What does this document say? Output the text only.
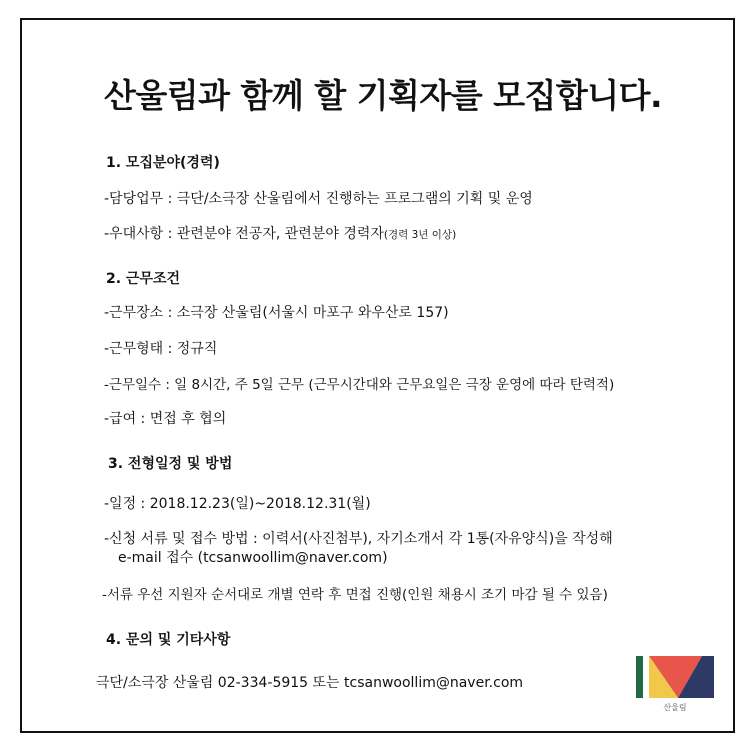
산울림과 함께 할 기획자를 모집합니다.
1. 모집분야(경력)
-담당업무 : 극단/소극장 산울림에서 진행하는 프로그램의 기획 및 운영
-우대사항 : 관련분야 전공자, 관련분야 경력자(경력 3년 이상)
2. 근무조건
-근무장소 : 소극장 산울림(서울시 마포구 와우산로 157)
-근무형태 : 정규직
-근무일수 : 일 8시간, 주 5일 근무 (근무시간대와 근무요일은 극장 운영에 따라 탄력적)
-급여 : 면접 후 협의
3. 전형일정 및 방법
-일정 : 2018.12.23(일)~2018.12.31(월)
-신청 서류 및 접수 방법 : 이력서(사진첨부), 자기소개서 각 1통(자유양식)을 작성해
e-mail 접수 (tcsanwoollim@naver.com)
-서류 우선 지원자 순서대로 개별 연락 후 면접 진행(인원 채용시 조기 마감 될 수 있음)
4. 문의 및 기타사항
극단/소극장 산울림 02-334-5915 또는 tcsanwoollim@naver.com
산울림
